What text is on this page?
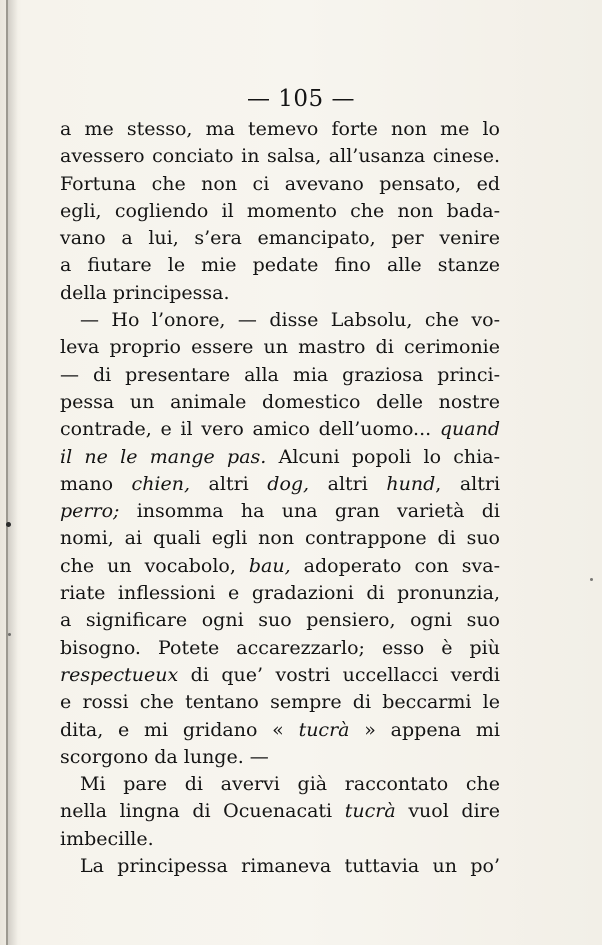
— 105 —
a me stesso, ma temevo forte non me lo
avessero conciato in salsa, all’usanza cinese.
Fortuna che non ci avevano pensato, ed
egli, cogliendo il momento che non bada-
vano a lui, s’era emancipato, per venire
a fiutare le mie pedate fino alle stanze
della principessa.
— Ho l’onore, — disse Labsolu, che vo-
leva proprio essere un mastro di cerimonie
— di presentare alla mia graziosa princi-
pessa un animale domestico delle nostre
contrade, e il vero amico dell’uomo... quand
il ne le mange pas. Alcuni popoli lo chia-
mano chien, altri dog, altri hund, altri
perro; insomma ha una gran varietà di
nomi, ai quali egli non contrappone di suo
che un vocabolo, bau, adoperato con sva-
riate inflessioni e gradazioni di pronunzia,
a significare ogni suo pensiero, ogni suo
bisogno. Potete accarezzarlo; esso è più
respectueux di que’ vostri uccellacci verdi
e rossi che tentano sempre di beccarmi le
dita, e mi gridano « tucrà » appena mi
scorgono da lunge. —
Mi pare di avervi già raccontato che
nella lingna di Ocuenacati tucrà vuol dire
imbecille.
La principessa rimaneva tuttavia un po’
